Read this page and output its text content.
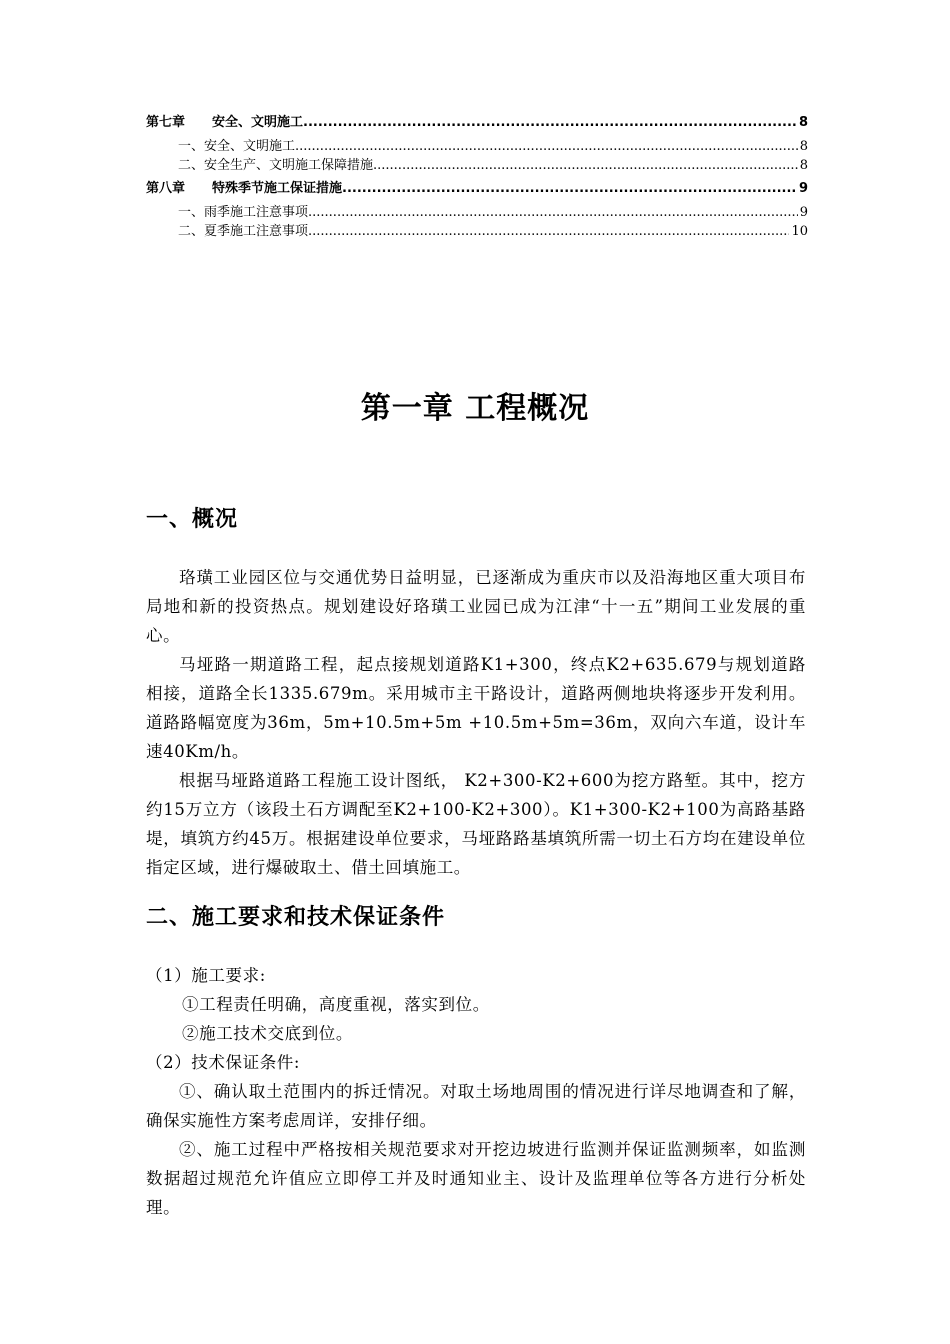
第七章	安全、文明施工 .....	8
一、安全、文明施工 .....	8
二、安全生产、文明施工保障措施 .....	8
第八章	特殊季节施工保证措施 .....	9
一、雨季施工注意事项 .....	9
二、夏季施工注意事项 .....	10
第一章 工程概况
一、概况

珞璜工业园区位与交通优势日益明显，已逐渐成为重庆市以及沿海地区重大项目布局地和新的投资热点。规划建设好珞璜工业园已成为江津“十一五”期间工业发展的重心。

马垭路一期道路工程，起点接规划道路K1+300，终点K2+635.679与规划道路相接，道路全长1335.679m。采用城市主干路设计，道路两侧地块将逐步开发利用。道路路幅宽度为36m，5m+10.5m+5m +10.5m+5m=36m，双向六车道，设计车速40Km/h。

根据马垭路道路工程施工设计图纸， K2+300-K2+600为挖方路堑。其中，挖方约15万立方（该段土石方调配至K2+100-K2+300）。K1+300-K2+100为高路基路堤，填筑方约45万。根据建设单位要求，马垭路路基填筑所需一切土石方均在建设单位指定区域，进行爆破取土、借土回填施工。

二、施工要求和技术保证条件

（1）施工要求:

①工程责任明确，高度重视，落实到位。

②施工技术交底到位。

（2）技术保证条件:

①、确认取土范围内的拆迁情况。对取土场地周围的情况进行详尽地调查和了解，确保实施性方案考虑周详，安排仔细。

②、施工过程中严格按相关规范要求对开挖边坡进行监测并保证监测频率，如监测数据超过规范允许值应立即停工并及时通知业主、设计及监理单位等各方进行分析处理。
